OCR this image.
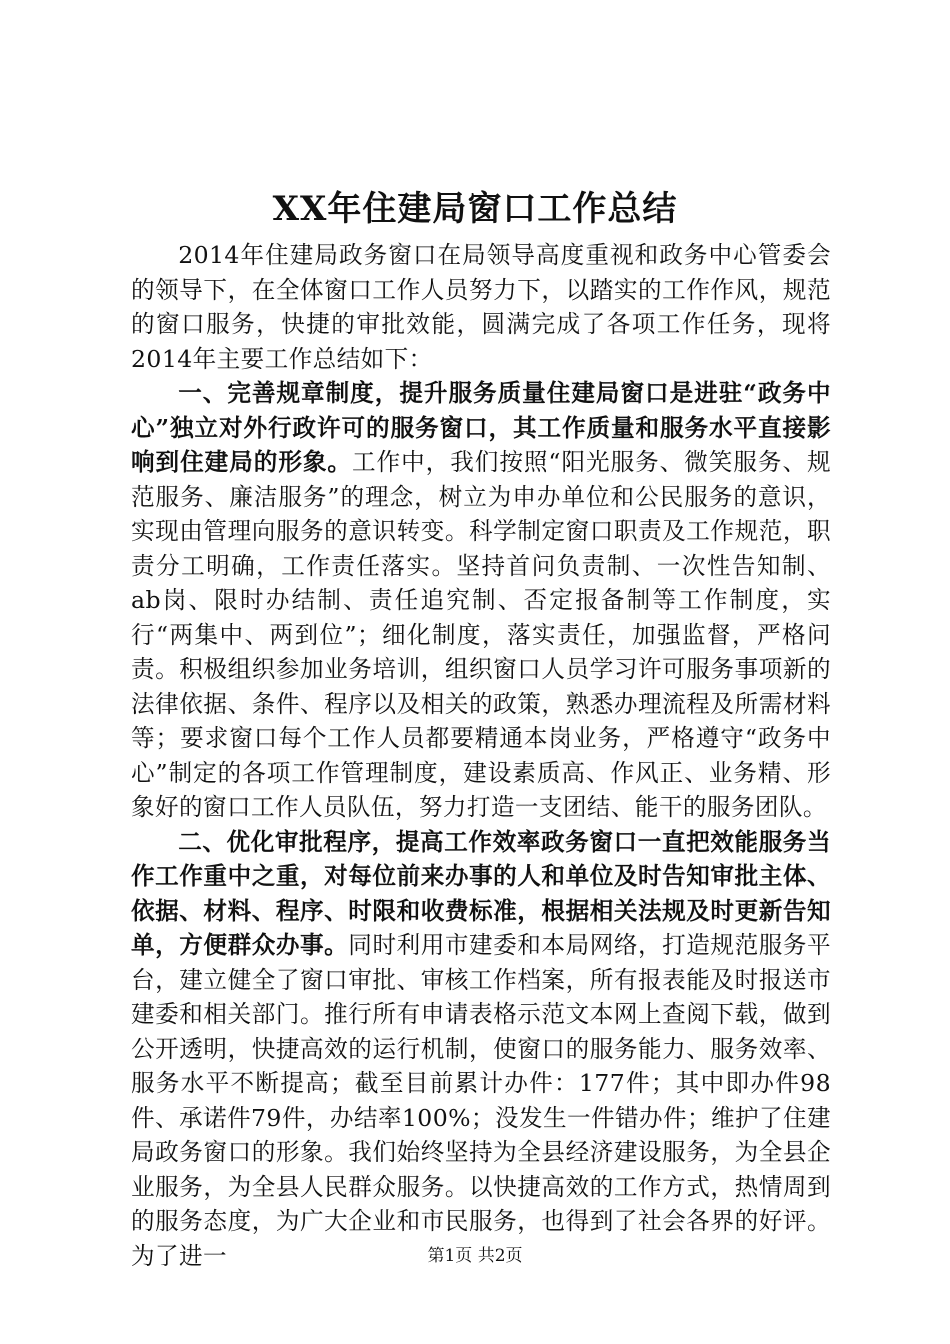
XX年住建局窗口工作总结

2014年住建局政务窗口在局领导高度重视和政务中心管委会的领导下，在全体窗口工作人员努力下，以踏实的工作作风，规范的窗口服务，快捷的审批效能，圆满完成了各项工作任务，现将2014年主要工作总结如下：

一、完善规章制度，提升服务质量住建局窗口是进驻“政务中心”独立对外行政许可的服务窗口，其工作质量和服务水平直接影响到住建局的形象。工作中，我们按照“阳光服务、微笑服务、规范服务、廉洁服务”的理念，树立为申办单位和公民服务的意识，实现由管理向服务的意识转变。科学制定窗口职责及工作规范，职责分工明确，工作责任落实。坚持首问负责制、一次性告知制、ab岗、限时办结制、责任追究制、否定报备制等工作制度，实行“两集中、两到位”；细化制度，落实责任，加强监督，严格问责。积极组织参加业务培训，组织窗口人员学习许可服务事项新的法律依据、条件、程序以及相关的政策，熟悉办理流程及所需材料等；要求窗口每个工作人员都要精通本岗业务，严格遵守“政务中心”制定的各项工作管理制度，建设素质高、作风正、业务精、形象好的窗口工作人员队伍，努力打造一支团结、能干的服务团队。

二、优化审批程序，提高工作效率政务窗口一直把效能服务当作工作重中之重，对每位前来办事的人和单位及时告知审批主体、依据、材料、程序、时限和收费标准，根据相关法规及时更新告知单，方便群众办事。同时利用市建委和本局网络，打造规范服务平台，建立健全了窗口审批、审核工作档案，所有报表能及时报送市建委和相关部门。推行所有申请表格示范文本网上查阅下载，做到公开透明，快捷高效的运行机制，使窗口的服务能力、服务效率、服务水平不断提高；截至目前累计办件：177件；其中即办件98件、承诺件79件，办结率100%；没发生一件错办件；维护了住建局政务窗口的形象。我们始终坚持为全县经济建设服务，为全县企业服务，为全县人民群众服务。以快捷高效的工作方式，热情周到的服务态度，为广大企业和市民服务，也得到了社会各界的好评。为了进一	第1页 共2页
